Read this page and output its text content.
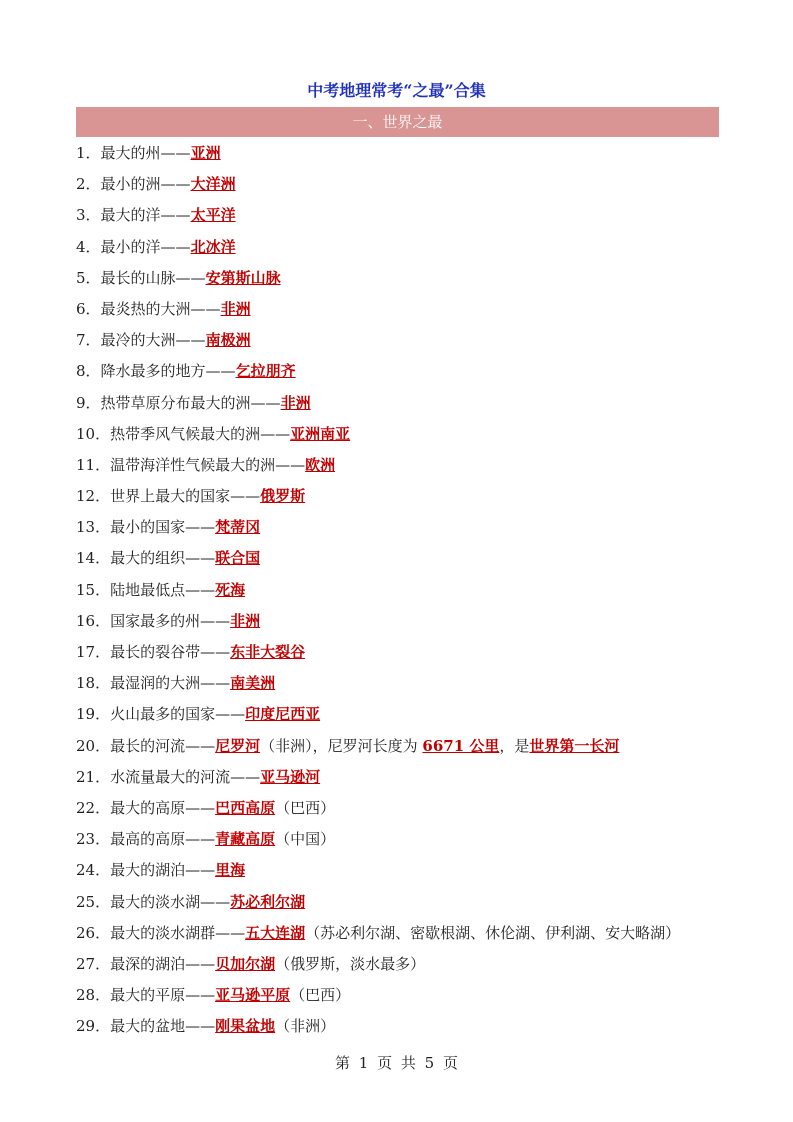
中考地理常考“之最”合集
一、世界之最
1．最大的州——亚洲
2．最小的洲——大洋洲
3．最大的洋——太平洋
4．最小的洋——北冰洋
5．最长的山脉——安第斯山脉
6．最炎热的大洲——非洲
7．最冷的大洲——南极洲
8．降水最多的地方——乞拉朋齐
9．热带草原分布最大的洲——非洲
10．热带季风气候最大的洲——亚洲南亚
11．温带海洋性气候最大的洲——欧洲
12．世界上最大的国家——俄罗斯
13．最小的国家——梵蒂冈
14．最大的组织——联合国
15．陆地最低点——死海
16．国家最多的州——非洲
17．最长的裂谷带——东非大裂谷
18．最湿润的大洲——南美洲
19．火山最多的国家——印度尼西亚
20．最长的河流——尼罗河（非洲），尼罗河长度为 6671 公里，是世界第一长河
21．水流量最大的河流——亚马逊河
22．最大的高原——巴西高原（巴西）
23．最高的高原——青藏高原（中国）
24．最大的湖泊——里海
25．最大的淡水湖——苏必利尔湖
26．最大的淡水湖群——五大连湖（苏必利尔湖、密歇根湖、休伦湖、伊利湖、安大略湖）
27．最深的湖泊——贝加尔湖（俄罗斯，淡水最多）
28．最大的平原——亚马逊平原（巴西）
29．最大的盆地——刚果盆地（非洲）
第 1 页 共 5 页
